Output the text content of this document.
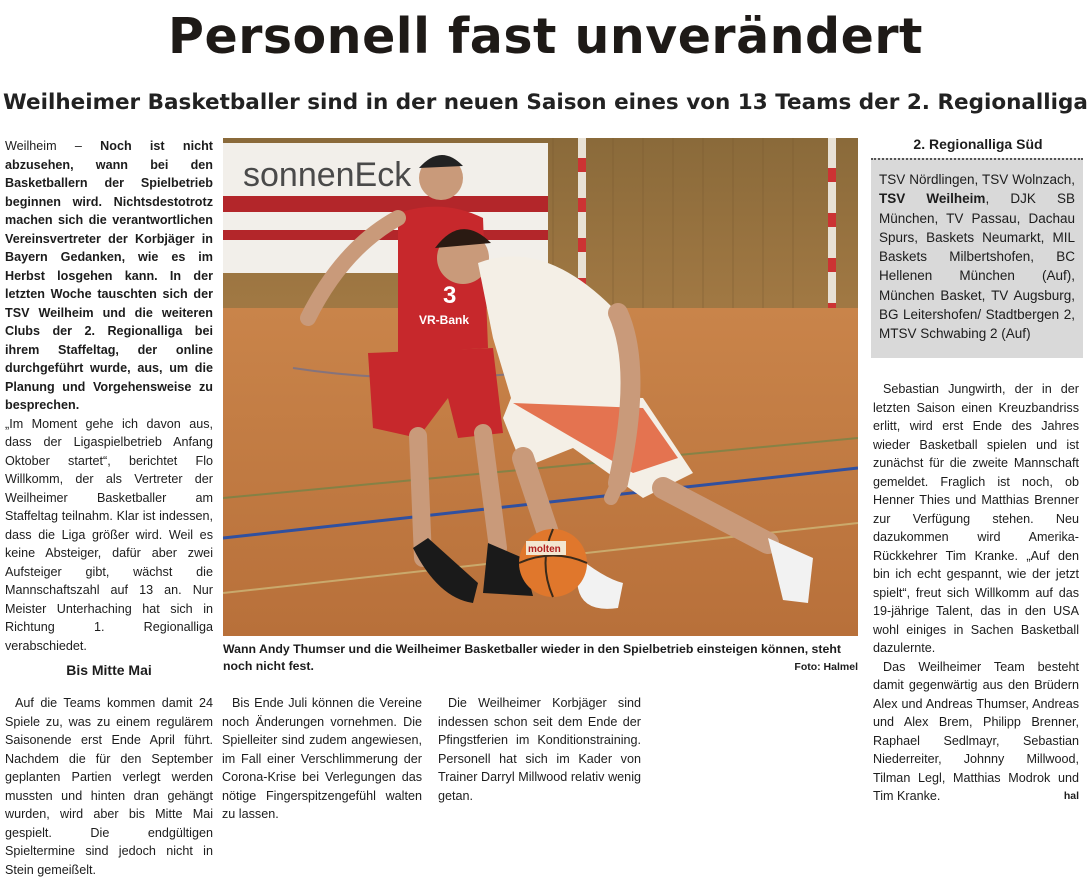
Personell fast unverändert
Weilheimer Basketballer sind in der neuen Saison eines von 13 Teams der 2. Regionalliga

Weilheim – Noch ist nicht abzusehen, wann bei den Basketballern der Spielbetrieb beginnen wird. Nichtsdestotrotz machen sich die verantwortlichen Vereinsvertreter der Korbjäger in Bayern Gedanken, wie es im Herbst losgehen kann. In der letzten Woche tauschten sich der TSV Weilheim und die weiteren Clubs der 2. Regionalliga bei ihrem Staffeltag, der online durchgeführt wurde, aus, um die Planung und Vorgehensweise zu besprechen.

„Im Moment gehe ich davon aus, dass der Ligaspielbetrieb Anfang Oktober startet“, berichtet Flo Willkomm, der als Vertreter der Weilheimer Basketballer am Staffeltag teilnahm. Klar ist indessen, dass die Liga größer wird. Weil es keine Absteiger, dafür aber zwei Aufsteiger gibt, wächst die Mannschaftszahl auf 13 an. Nur Meister Unterhaching hat sich in Richtung 1. Regionalliga verabschiedet.

Bis Mitte Mai

sonnenEck
3
VR-Bank
molten
Wann Andy Thumser und die Weilheimer Basketballer wieder in den Spielbetrieb einsteigen können, steht noch nicht fest.	Foto: Halmel

Auf die Teams kommen damit 24 Spiele zu, was zu einem regulärem Saisonende erst Ende April führt. Nachdem die für den September geplanten Partien verlegt werden mussten und hinten dran gehängt wurden, wird aber bis Mitte Mai gespielt. Die endgültigen Spieltermine sind jedoch nicht in Stein gemeißelt.

Bis Ende Juli können die Vereine noch Änderungen vornehmen. Die Spielleiter sind zudem angewiesen, im Fall einer Verschlimmerung der Corona-Krise bei Verlegungen das nötige Fingerspitzengefühl walten zu lassen.

Die Weilheimer Korbjäger sind indessen schon seit dem Ende der Pfingstferien im Konditionstraining. Personell hat sich im Kader von Trainer Darryl Millwood relativ wenig getan.

2. Regionalliga Süd
TSV Nördlingen, TSV Wolnzach, TSV Weilheim, DJK SB München, TV Passau, Dachau Spurs, Baskets Neumarkt, MIL Baskets Milbertshofen, BC Hellenen München (Auf), München Basket, TV Augsburg, BG Leitershofen/ Stadtbergen 2, MTSV Schwabing 2 (Auf)

Sebastian Jungwirth, der in der letzten Saison einen Kreuzbandriss erlitt, wird erst Ende des Jahres wieder Basketball spielen und ist zunächst für die zweite Mannschaft gemeldet. Fraglich ist noch, ob Henner Thies und Matthias Brenner zur Verfügung stehen. Neu dazukommen wird Amerika-Rückkehrer Tim Kranke. „Auf den bin ich echt gespannt, wie der jetzt spielt“, freut sich Willkomm auf das 19-jährige Talent, das in den USA wohl einiges in Sachen Basketball dazulernte.

Das Weilheimer Team besteht damit gegenwärtig aus den Brüdern Alex und Andreas Thumser, Andreas und Alex Brem, Philipp Brenner, Raphael Sedlmayr, Sebastian Niederreiter, Johnny Millwood, Tilman Legl, Matthias Modrok und Tim Kranke.	hal
